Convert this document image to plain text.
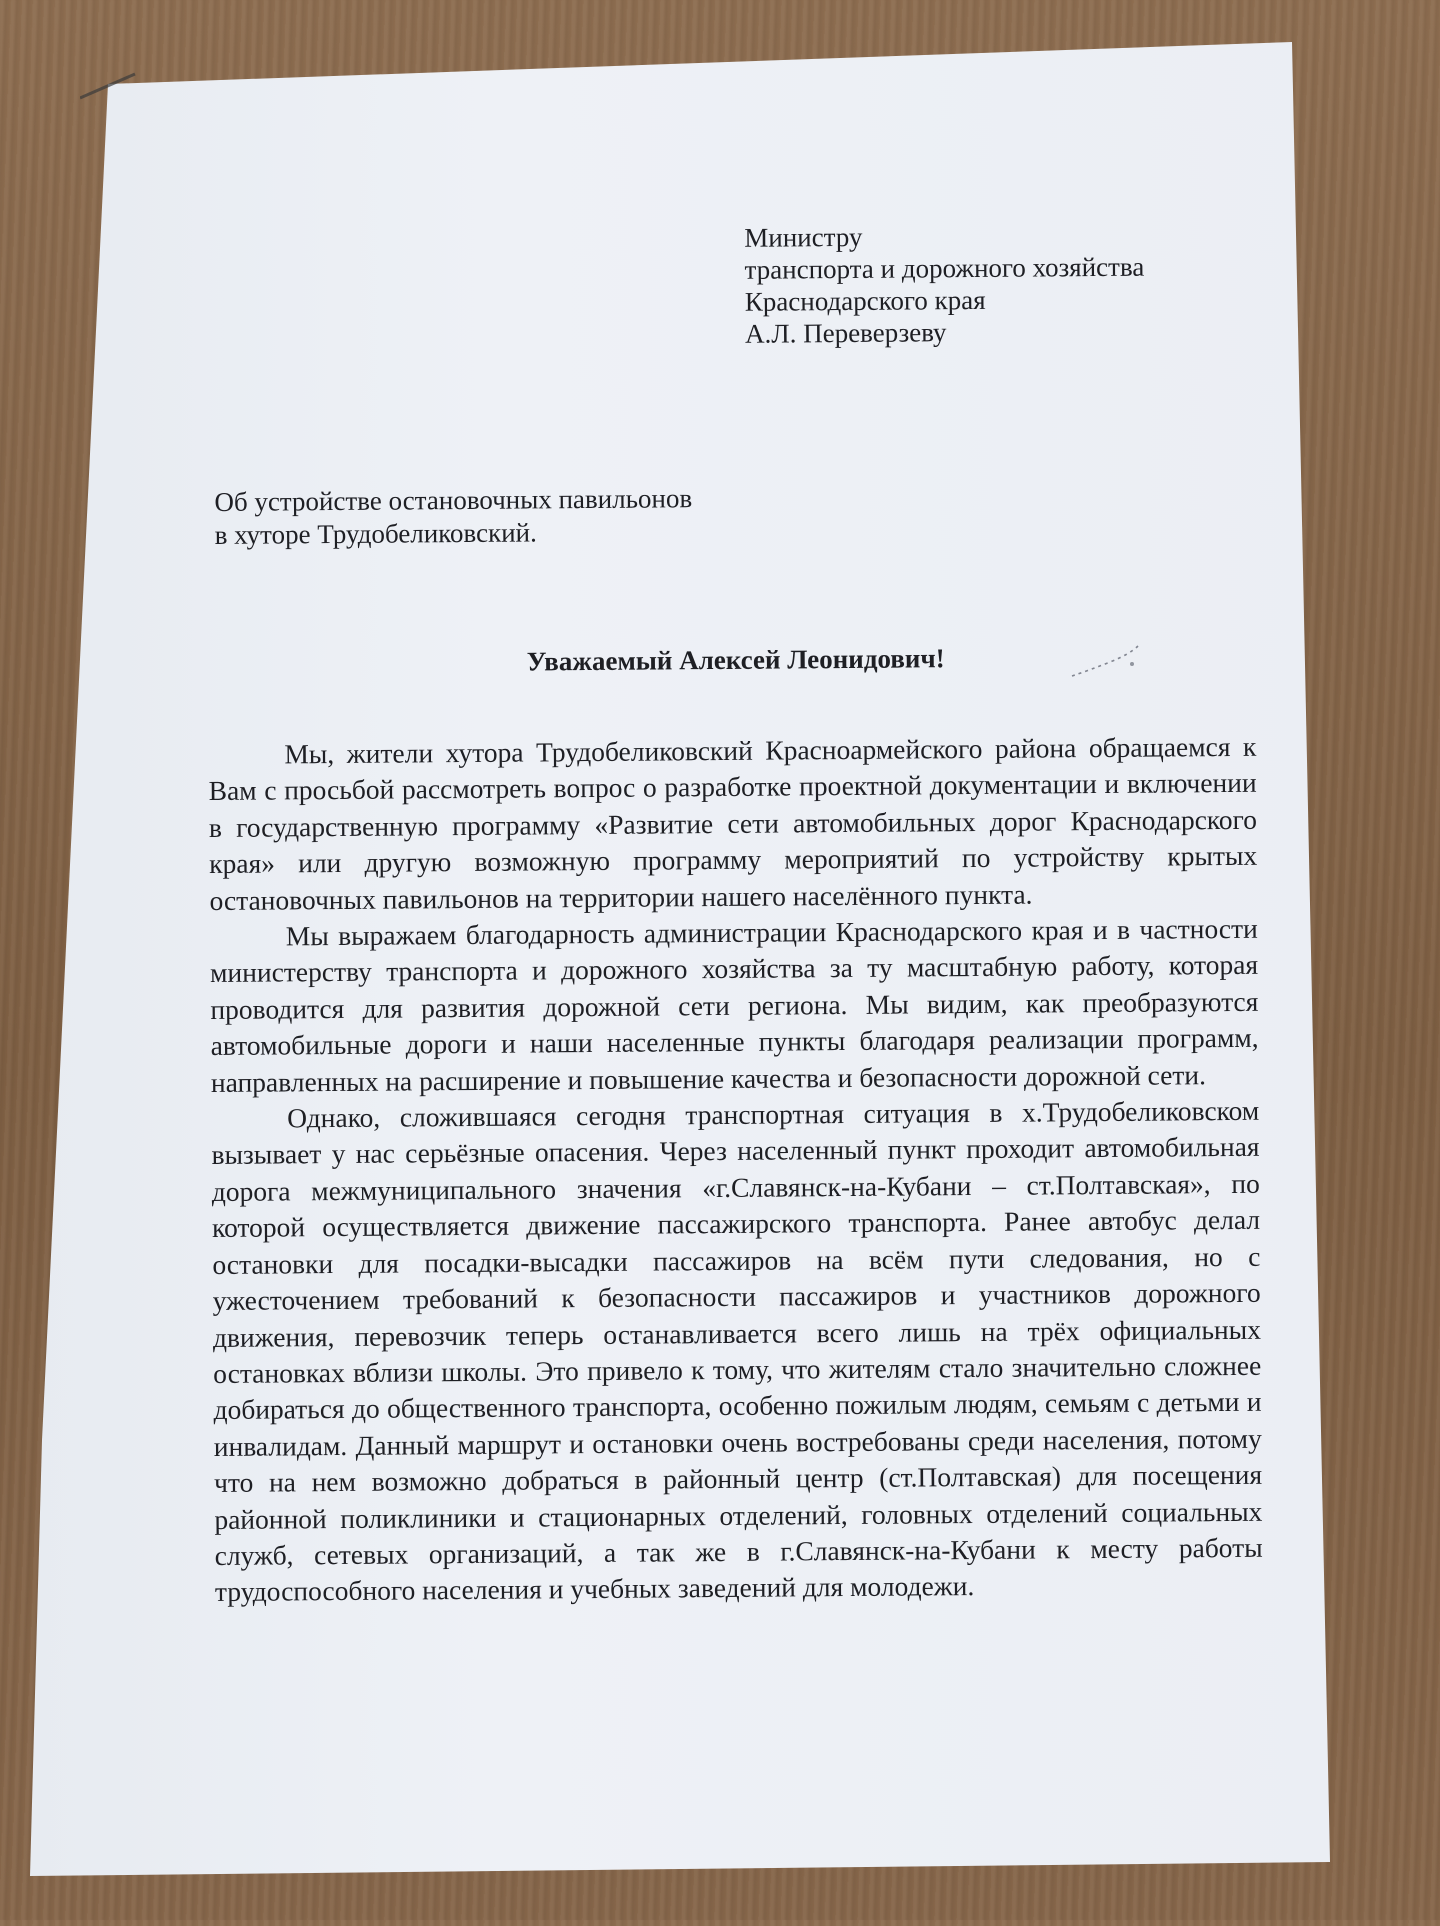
Министру
транспорта и дорожного хозяйства
Краснодарского края
А.Л. Переверзеву
Об устройстве остановочных павильонов
в хуторе Трудобеликовский.
Уважаемый Алексей Леонидович!

Мы, жители хутора Трудобеликовский Красноармейского района обращаемся к Вам с просьбой рассмотреть вопрос о разработке проектной документации и включении в государственную программу «Развитие сети автомобильных дорог Краснодарского края» или другую возможную программу мероприятий по устройству крытых остановочных павильонов на территории нашего населённого пункта.

Мы выражаем благодарность администрации Краснодарского края и в частности министерству транспорта и дорожного хозяйства за ту масштабную работу, которая проводится для развития дорожной сети региона. Мы видим, как преобразуются автомобильные дороги и наши населенные пункты благодаря реализации программ, направленных на расширение и повышение качества и безопасности дорожной сети.

Однако, сложившаяся сегодня транспортная ситуация в х.Трудобеликовском вызывает у нас серьёзные опасения. Через населенный пункт проходит автомобильная дорога межмуниципального значения «г.Славянск-на-Кубани – ст.Полтавская», по которой осуществляется движение пассажирского транспорта. Ранее автобус делал остановки для посадки-высадки пассажиров на всём пути следования, но с ужесточением требований к безопасности пассажиров и участников дорожного движения, перевозчик теперь останавливается всего лишь на трёх официальных остановках вблизи школы. Это привело к тому, что жителям стало значительно сложнее добираться до общественного транспорта, особенно пожилым людям, семьям с детьми и инвалидам. Данный маршрут и остановки очень востребованы среди населения, потому что на нем возможно добраться в районный центр (ст.Полтавская) для посещения районной поликлиники и стационарных отделений, головных отделений социальных служб, сетевых организаций, а так же в г.Славянск-на-Кубани к месту работы трудоспособного населения и учебных заведений для молодежи.
